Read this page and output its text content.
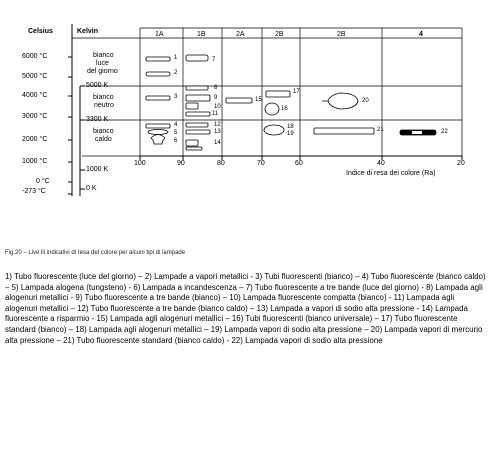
Celsius	Kelvin
6000 °C
5000 °C
4000 °C
3000 °C
2000 °C
1000 °C
0 °C
-273 °C
5000 K
3300 K
1000 K
0 K
bianco
luce
del giorno
bianco
neutro
bianco
caldo
1A	1B	2A	2B	2B	4
100	90	80	70	60	40	20
Indice di resa dei colore (Ra)
1
2
3
4
5
6
7
8
9
10
11
12
13
14
15
16
17
18
19
20
21	22
Fig.20 – Live lli indicativi di resa del colore per alcuni tipi di lampade
1) Tubo fluorescente (luce del giorno) – 2) Lampade a vapori metallici - 3) Tubi fluorescenti (bianco) – 4) Tubo fluorescente (bianco caldo) – 5) Lampada alogena (tungsteno) - 6) Lampada a incandescenza – 7) Tubo fluorescente a tre bande (luce del giorno) - 8) Lampada agli alogenuri metallici - 9) Tubo fluorescente a tre bande (bianco) – 10) Lampada fluorescente compatta (bianco) - 11) Lampada agli alogenuri metallici – 12) Tubo fluorescente a tre bande (bianco caldo) – 13) Lampada a vapori di sodio alta pressione - 14) Lampada fluorescente a risparmio - 15) Lampada agli alogenuri metallici – 16) Tubi fluorescenti (bianco universale) – 17) Tubo fluorescente standard (bianco) – 18) Lampada agli alogenuri metallici – 19) Lampada vapori di sodio alta pressione – 20) Lampada vapori di mercurio alta pressione – 21) Tubo fluorescente standard (bianco caldo) - 22) Lampada vapori di sodio alta pressione
